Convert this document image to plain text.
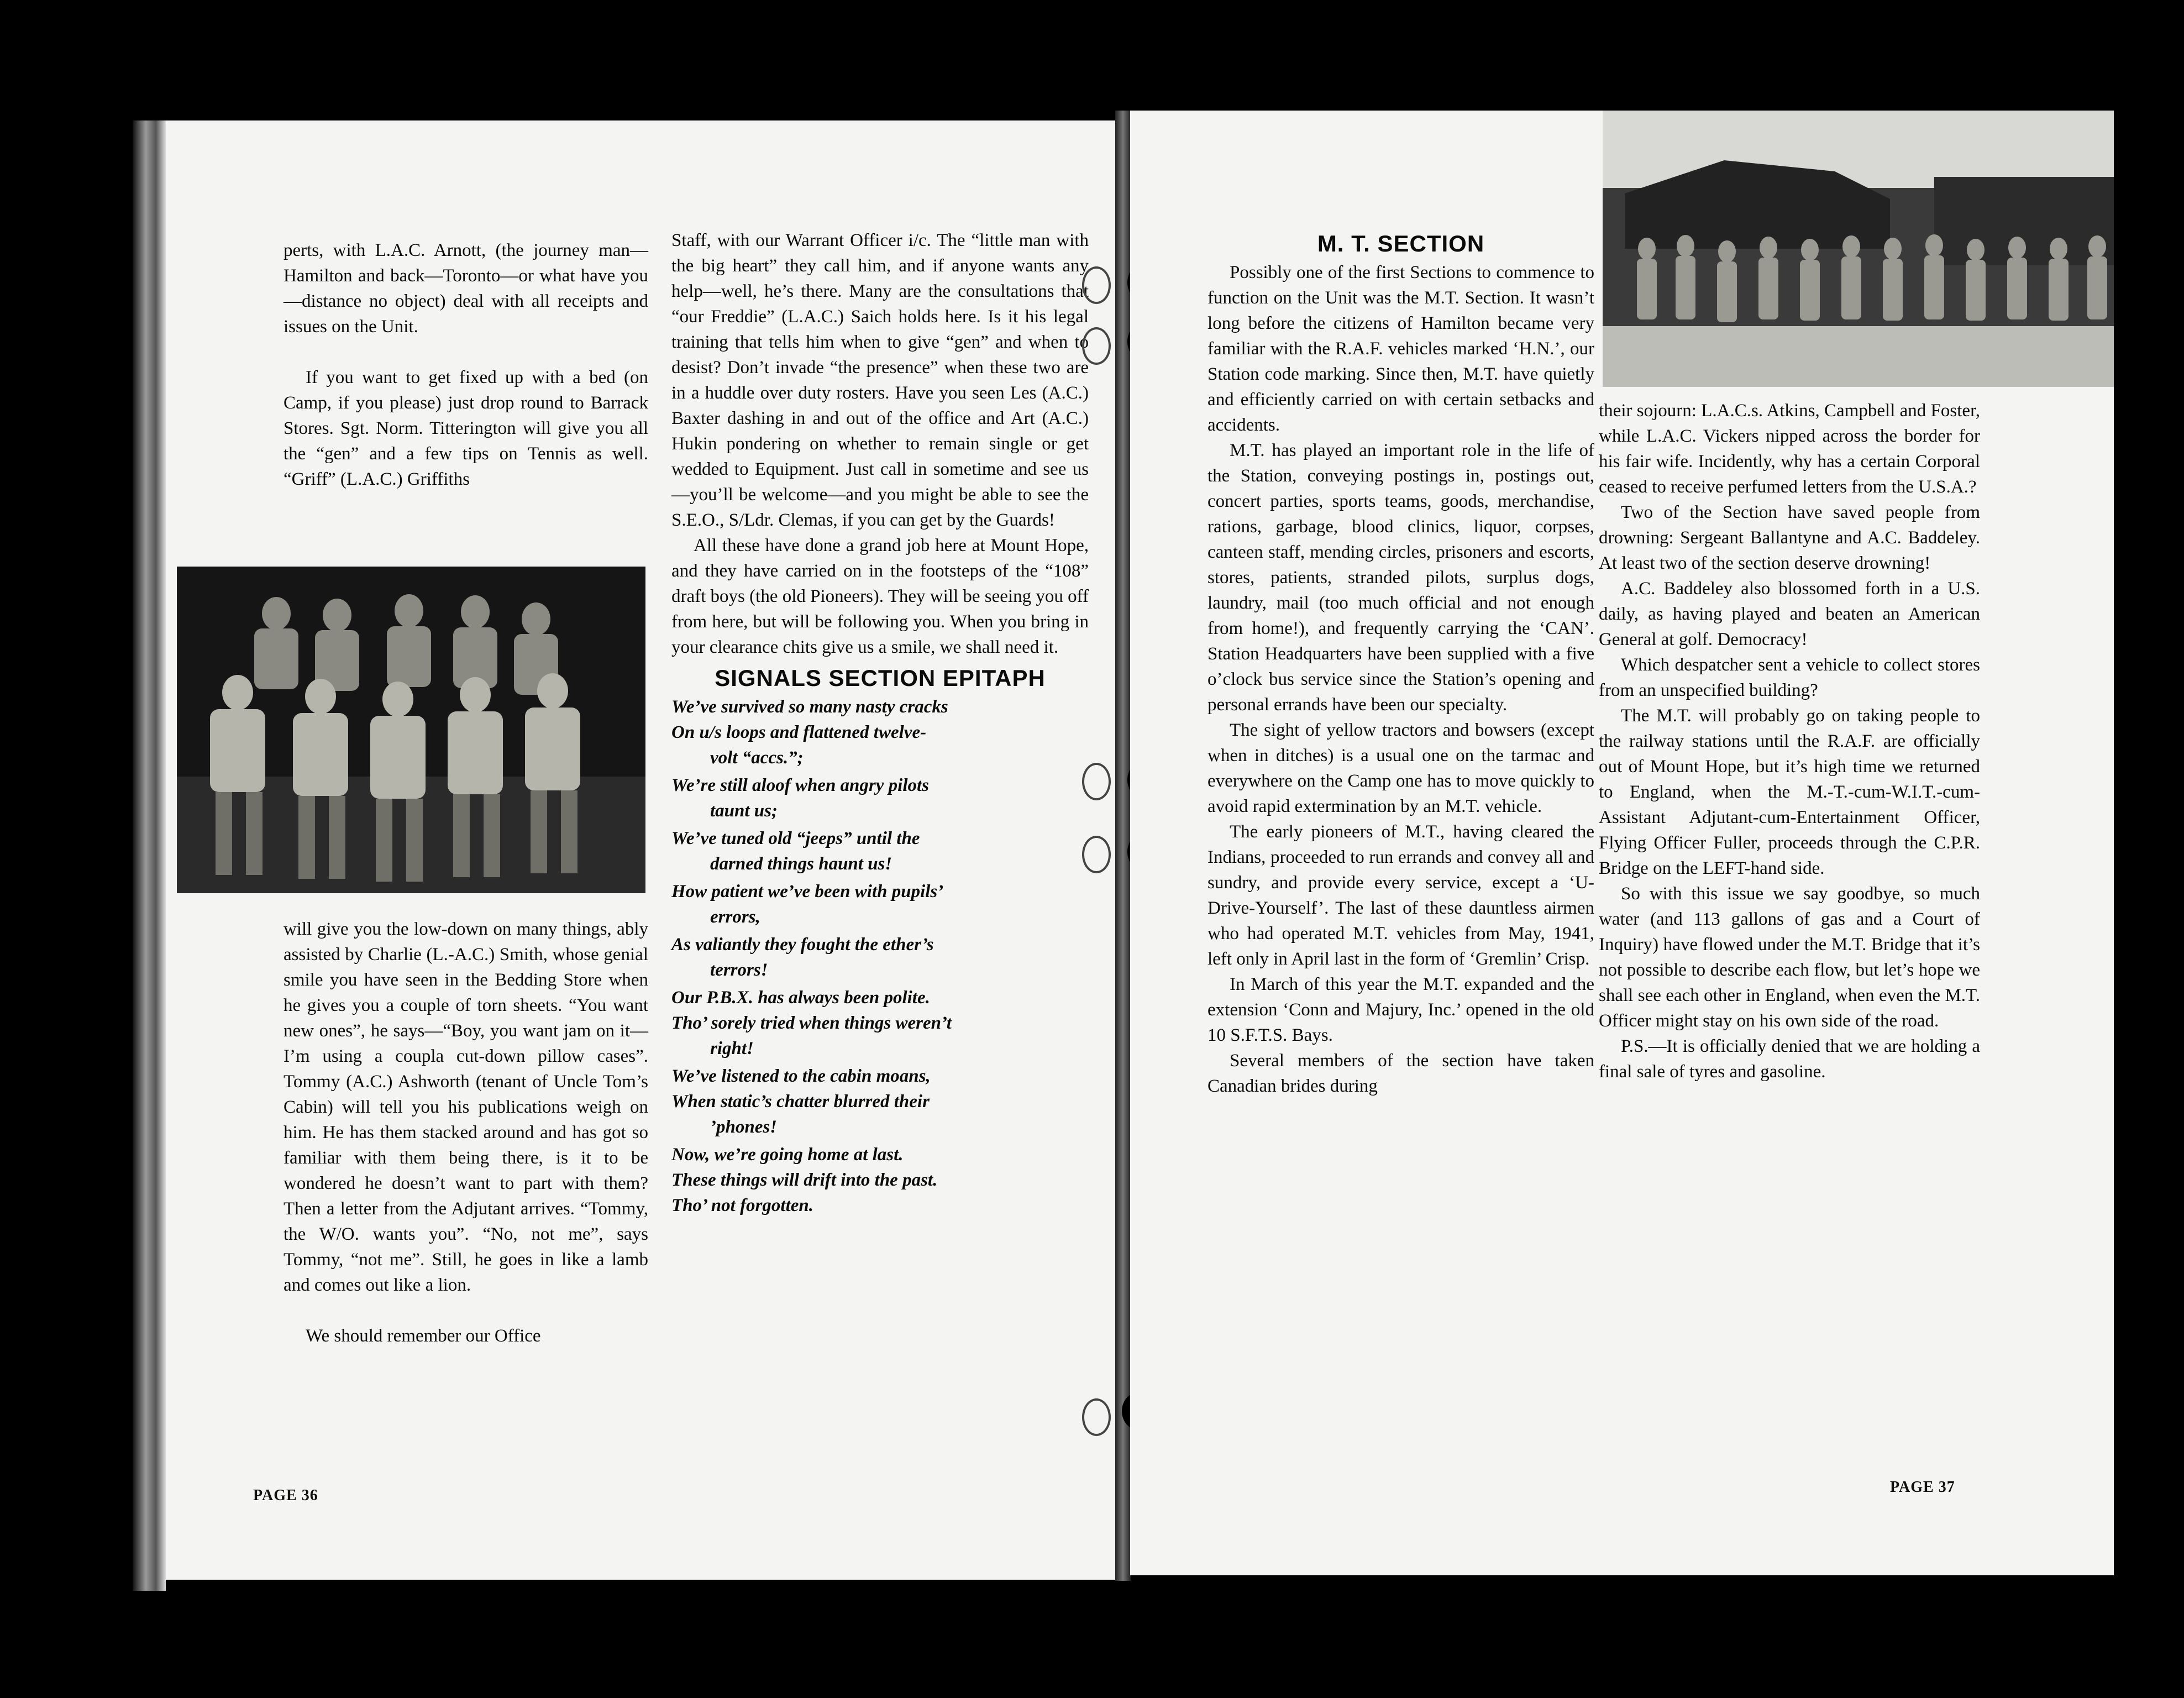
perts, with L.A.C. Arnott, (the journey man—Hamilton and back—Toronto—or what have you—distance no object) deal with all receipts and issues on the Unit.

If you want to get fixed up with a bed (on Camp, if you please) just drop round to Barrack Stores. Sgt. Norm. Titterington will give you all the “gen” and a few tips on Tennis as well. “Griff” (L.A.C.) Griffiths

will give you the low-down on many things, ably assisted by Charlie (L.-A.C.) Smith, whose genial smile you have seen in the Bedding Store when he gives you a couple of torn sheets. “You want new ones”, he says—“Boy, you want jam on it—I’m using a coupla cut-down pillow cases”. Tommy (A.C.) Ashworth (tenant of Uncle Tom’s Cabin) will tell you his publications weigh on him. He has them stacked around and has got so familiar with them being there, is it to be wondered he doesn’t want to part with them? Then a letter from the Adjutant arrives. “Tommy, the W/O. wants you”. “No, not me”, says Tommy, “not me”. Still, he goes in like a lamb and comes out like a lion.

We should remember our Office

Staff, with our Warrant Officer i/c. The “little man with the big heart” they call him, and if anyone wants any help—well, he’s there. Many are the consultations that “our Freddie” (L.A.C.) Saich holds here. Is it his legal training that tells him when to give “gen” and when to desist? Don’t invade “the presence” when these two are in a huddle over duty rosters. Have you seen Les (A.C.) Baxter dashing in and out of the office and Art (A.C.) Hukin pondering on whether to remain single or get wedded to Equipment. Just call in sometime and see us—you’ll be welcome—and you might be able to see the S.E.O., S/Ldr. Clemas, if you can get by the Guards!

All these have done a grand job here at Mount Hope, and they have carried on in the footsteps of the “108” draft boys (the old Pioneers). They will be seeing you off from here, but will be following you. When you bring in your clearance chits give us a smile, we shall need it.

SIGNALS SECTION EPITAPH
We’ve survived so many nasty cracks
On u/s loops and flattened twelve-
volt “accs.”;
We’re still aloof when angry pilots
taunt us;
We’ve tuned old “jeeps” until the
darned things haunt us!
How patient we’ve been with pupils’
errors,
As valiantly they fought the ether’s
terrors!
Our P.B.X. has always been polite.
Tho’ sorely tried when things weren’t
right!
We’ve listened to the cabin moans,
When static’s chatter blurred their
’phones!
Now, we’re going home at last.
These things will drift into the past.
Tho’ not forgotten.
PAGE 36
M. T. SECTION

Possibly one of the first Sections to commence to function on the Unit was the M.T. Section. It wasn’t long before the citizens of Hamilton became very familiar with the R.A.F. vehicles marked ‘H.N.’, our Station code marking. Since then, M.T. have quietly and efficiently carried on with certain setbacks and accidents.

M.T. has played an important role in the life of the Station, conveying postings in, postings out, concert parties, sports teams, goods, merchandise, rations, garbage, blood clinics, liquor, corpses, canteen staff, mending circles, prisoners and escorts, stores, patients, stranded pilots, surplus dogs, laundry, mail (too much official and not enough from home!), and frequently carrying the ‘CAN’. Station Headquarters have been supplied with a five o’clock bus service since the Station’s opening and personal errands have been our specialty.

The sight of yellow tractors and bowsers (except when in ditches) is a usual one on the tarmac and everywhere on the Camp one has to move quickly to avoid rapid extermination by an M.T. vehicle.

The early pioneers of M.T., having cleared the Indians, proceeded to run errands and convey all and sundry, and provide every service, except a ‘U-Drive-Yourself’. The last of these dauntless airmen who had operated M.T. vehicles from May, 1941, left only in April last in the form of ‘Gremlin’ Crisp.

In March of this year the M.T. expanded and the extension ‘Conn and Majury, Inc.’ opened in the old 10 S.F.T.S. Bays.

Several members of the section have taken Canadian brides during

their sojourn: L.A.C.s. Atkins, Campbell and Foster, while L.A.C. Vickers nipped across the border for his fair wife. Incidently, why has a certain Corporal ceased to receive perfumed letters from the U.S.A.?

Two of the Section have saved people from drowning: Sergeant Ballantyne and A.C. Baddeley. At least two of the section deserve drowning!

A.C. Baddeley also blossomed forth in a U.S. daily, as having played and beaten an American General at golf. Democracy!

Which despatcher sent a vehicle to collect stores from an unspecified building?

The M.T. will probably go on taking people to the railway stations until the R.A.F. are officially out of Mount Hope, but it’s high time we returned to England, when the M.-T.-cum-W.I.T.-cum-Assistant Adjutant-cum-Entertainment Officer, Flying Officer Fuller, proceeds through the C.P.R. Bridge on the LEFT-hand side.

So with this issue we say goodbye, so much water (and 113 gallons of gas and a Court of Inquiry) have flowed under the M.T. Bridge that it’s not possible to describe each flow, but let’s hope we shall see each other in England, when even the M.T. Officer might stay on his own side of the road.

P.S.—It is officially denied that we are holding a final sale of tyres and gasoline.

PAGE 37
